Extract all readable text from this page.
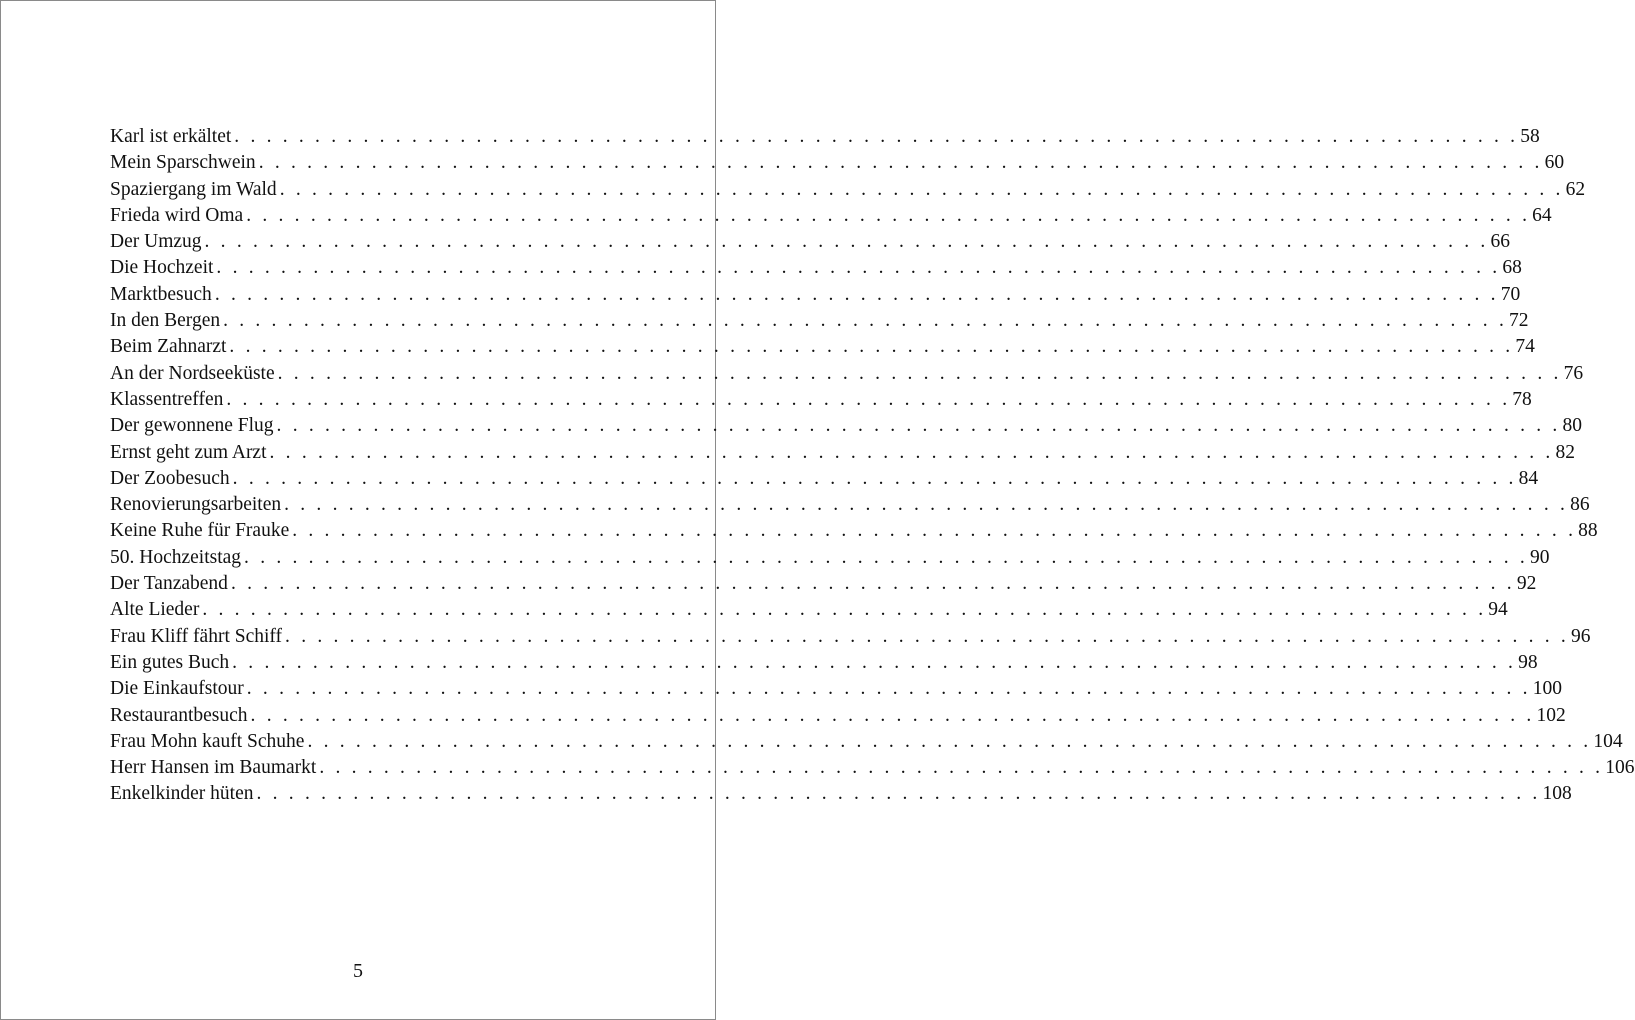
Karl ist erkältet . . . . . . . . . . . . . . . . . . . . . . . . . . . . . . . . . . . . . . . . . . . . . . . . . . . . . . . . . . . . . . . . . . . . . . . . . . . . . . . . 58
Mein Sparschwein . . . . . . . . . . . . . . . . . . . . . . . . . . . . . . . . . . . . . . . . . . . . . . . . . . . . . . . . . . . . . . . . . . . . . . . . . . . . . . . . 60
Spaziergang im Wald . . . . . . . . . . . . . . . . . . . . . . . . . . . . . . . . . . . . . . . . . . . . . . . . . . . . . . . . . . . . . . . . . . . . . . . . . . . . . . . . 62
Frieda wird Oma . . . . . . . . . . . . . . . . . . . . . . . . . . . . . . . . . . . . . . . . . . . . . . . . . . . . . . . . . . . . . . . . . . . . . . . . . . . . . . . . 64
Der Umzug . . . . . . . . . . . . . . . . . . . . . . . . . . . . . . . . . . . . . . . . . . . . . . . . . . . . . . . . . . . . . . . . . . . . . . . . . . . . . . . . 66
Die Hochzeit . . . . . . . . . . . . . . . . . . . . . . . . . . . . . . . . . . . . . . . . . . . . . . . . . . . . . . . . . . . . . . . . . . . . . . . . . . . . . . . . 68
Marktbesuch . . . . . . . . . . . . . . . . . . . . . . . . . . . . . . . . . . . . . . . . . . . . . . . . . . . . . . . . . . . . . . . . . . . . . . . . . . . . . . . . 70
In den Bergen . . . . . . . . . . . . . . . . . . . . . . . . . . . . . . . . . . . . . . . . . . . . . . . . . . . . . . . . . . . . . . . . . . . . . . . . . . . . . . . . 72
Beim Zahnarzt . . . . . . . . . . . . . . . . . . . . . . . . . . . . . . . . . . . . . . . . . . . . . . . . . . . . . . . . . . . . . . . . . . . . . . . . . . . . . . . . 74
An der Nordseeküste . . . . . . . . . . . . . . . . . . . . . . . . . . . . . . . . . . . . . . . . . . . . . . . . . . . . . . . . . . . . . . . . . . . . . . . . . . . . . . . . 76
Klassentreffen . . . . . . . . . . . . . . . . . . . . . . . . . . . . . . . . . . . . . . . . . . . . . . . . . . . . . . . . . . . . . . . . . . . . . . . . . . . . . . . . 78
Der gewonnene Flug . . . . . . . . . . . . . . . . . . . . . . . . . . . . . . . . . . . . . . . . . . . . . . . . . . . . . . . . . . . . . . . . . . . . . . . . . . . . . . . . 80
Ernst geht zum Arzt . . . . . . . . . . . . . . . . . . . . . . . . . . . . . . . . . . . . . . . . . . . . . . . . . . . . . . . . . . . . . . . . . . . . . . . . . . . . . . . . 82
Der Zoobesuch . . . . . . . . . . . . . . . . . . . . . . . . . . . . . . . . . . . . . . . . . . . . . . . . . . . . . . . . . . . . . . . . . . . . . . . . . . . . . . . . 84
Renovierungsarbeiten . . . . . . . . . . . . . . . . . . . . . . . . . . . . . . . . . . . . . . . . . . . . . . . . . . . . . . . . . . . . . . . . . . . . . . . . . . . . . . . . 86
Keine Ruhe für Frauke . . . . . . . . . . . . . . . . . . . . . . . . . . . . . . . . . . . . . . . . . . . . . . . . . . . . . . . . . . . . . . . . . . . . . . . . . . . . . . . . 88
50. Hochzeitstag . . . . . . . . . . . . . . . . . . . . . . . . . . . . . . . . . . . . . . . . . . . . . . . . . . . . . . . . . . . . . . . . . . . . . . . . . . . . . . . . 90
Der Tanzabend . . . . . . . . . . . . . . . . . . . . . . . . . . . . . . . . . . . . . . . . . . . . . . . . . . . . . . . . . . . . . . . . . . . . . . . . . . . . . . . . 92
Alte Lieder . . . . . . . . . . . . . . . . . . . . . . . . . . . . . . . . . . . . . . . . . . . . . . . . . . . . . . . . . . . . . . . . . . . . . . . . . . . . . . . . 94
Frau Kliff fährt Schiff . . . . . . . . . . . . . . . . . . . . . . . . . . . . . . . . . . . . . . . . . . . . . . . . . . . . . . . . . . . . . . . . . . . . . . . . . . . . . . . . 96
Ein gutes Buch . . . . . . . . . . . . . . . . . . . . . . . . . . . . . . . . . . . . . . . . . . . . . . . . . . . . . . . . . . . . . . . . . . . . . . . . . . . . . . . . 98
Die Einkaufstour . . . . . . . . . . . . . . . . . . . . . . . . . . . . . . . . . . . . . . . . . . . . . . . . . . . . . . . . . . . . . . . . . . . . . . . . . . . . . . . . 100
Restaurantbesuch . . . . . . . . . . . . . . . . . . . . . . . . . . . . . . . . . . . . . . . . . . . . . . . . . . . . . . . . . . . . . . . . . . . . . . . . . . . . . . . . 102
Frau Mohn kauft Schuhe . . . . . . . . . . . . . . . . . . . . . . . . . . . . . . . . . . . . . . . . . . . . . . . . . . . . . . . . . . . . . . . . . . . . . . . . . . . . . . . . 104
Herr Hansen im Baumarkt . . . . . . . . . . . . . . . . . . . . . . . . . . . . . . . . . . . . . . . . . . . . . . . . . . . . . . . . . . . . . . . . . . . . . . . . . . . . . . . . 106
Enkelkinder hüten . . . . . . . . . . . . . . . . . . . . . . . . . . . . . . . . . . . . . . . . . . . . . . . . . . . . . . . . . . . . . . . . . . . . . . . . . . . . . . . . 108
5
